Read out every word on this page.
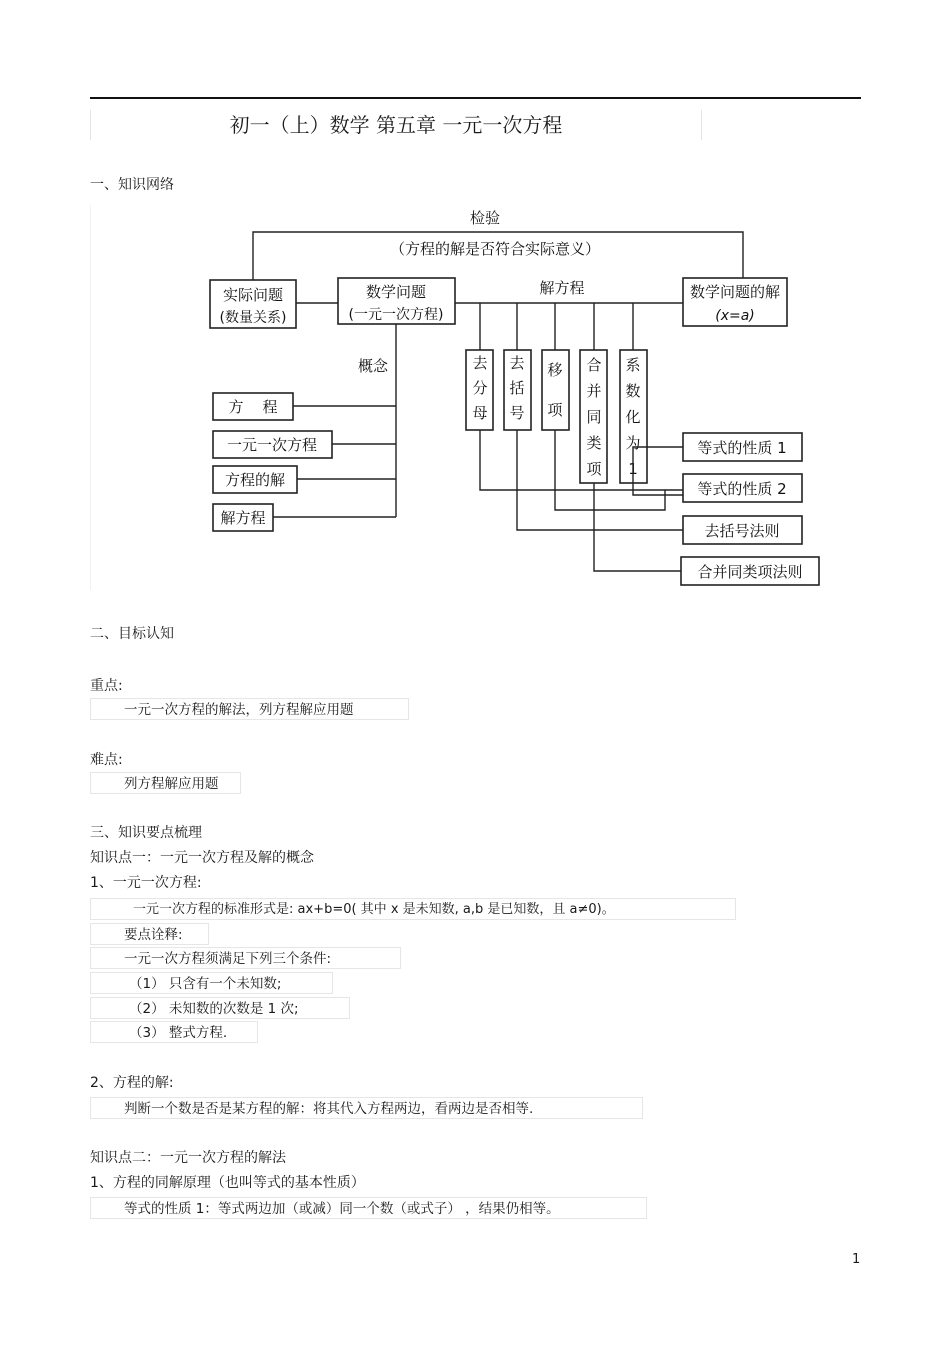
初一（上）数学 第五章 一元一次方程
一、知识网络
检验
（方程的解是否符合实际意义）
实际问题
(数量关系)
数学问题
(一元一次方程)
数学问题的解
(x=a)
解方程
概念
方    程
一元一次方程
方程的解
解方程
去
分
母
去
括
号
移
项
合
并
同
类
项
系
数
化
为
1
等式的性质 1
等式的性质 2
去括号法则
合并同类项法则
二、目标认知
重点:
一元一次方程的解法，列方程解应用题
难点:
列方程解应用题
三、知识要点梳理
知识点一：一元一次方程及解的概念
1、一元一次方程:
一元一次方程的标准形式是: ax+b=0( 其中 x 是未知数, a,b 是已知数，且 a≠0)。
要点诠释:
一元一次方程须满足下列三个条件:
（1） 只含有一个未知数;
（2） 未知数的次数是 1 次;
（3） 整式方程.
2、方程的解:
判断一个数是否是某方程的解：将其代入方程两边，看两边是否相等.
知识点二：一元一次方程的解法
1、方程的同解原理（也叫等式的基本性质）
等式的性质 1：等式两边加（或减）同一个数（或式子） ，结果仍相等。
1
